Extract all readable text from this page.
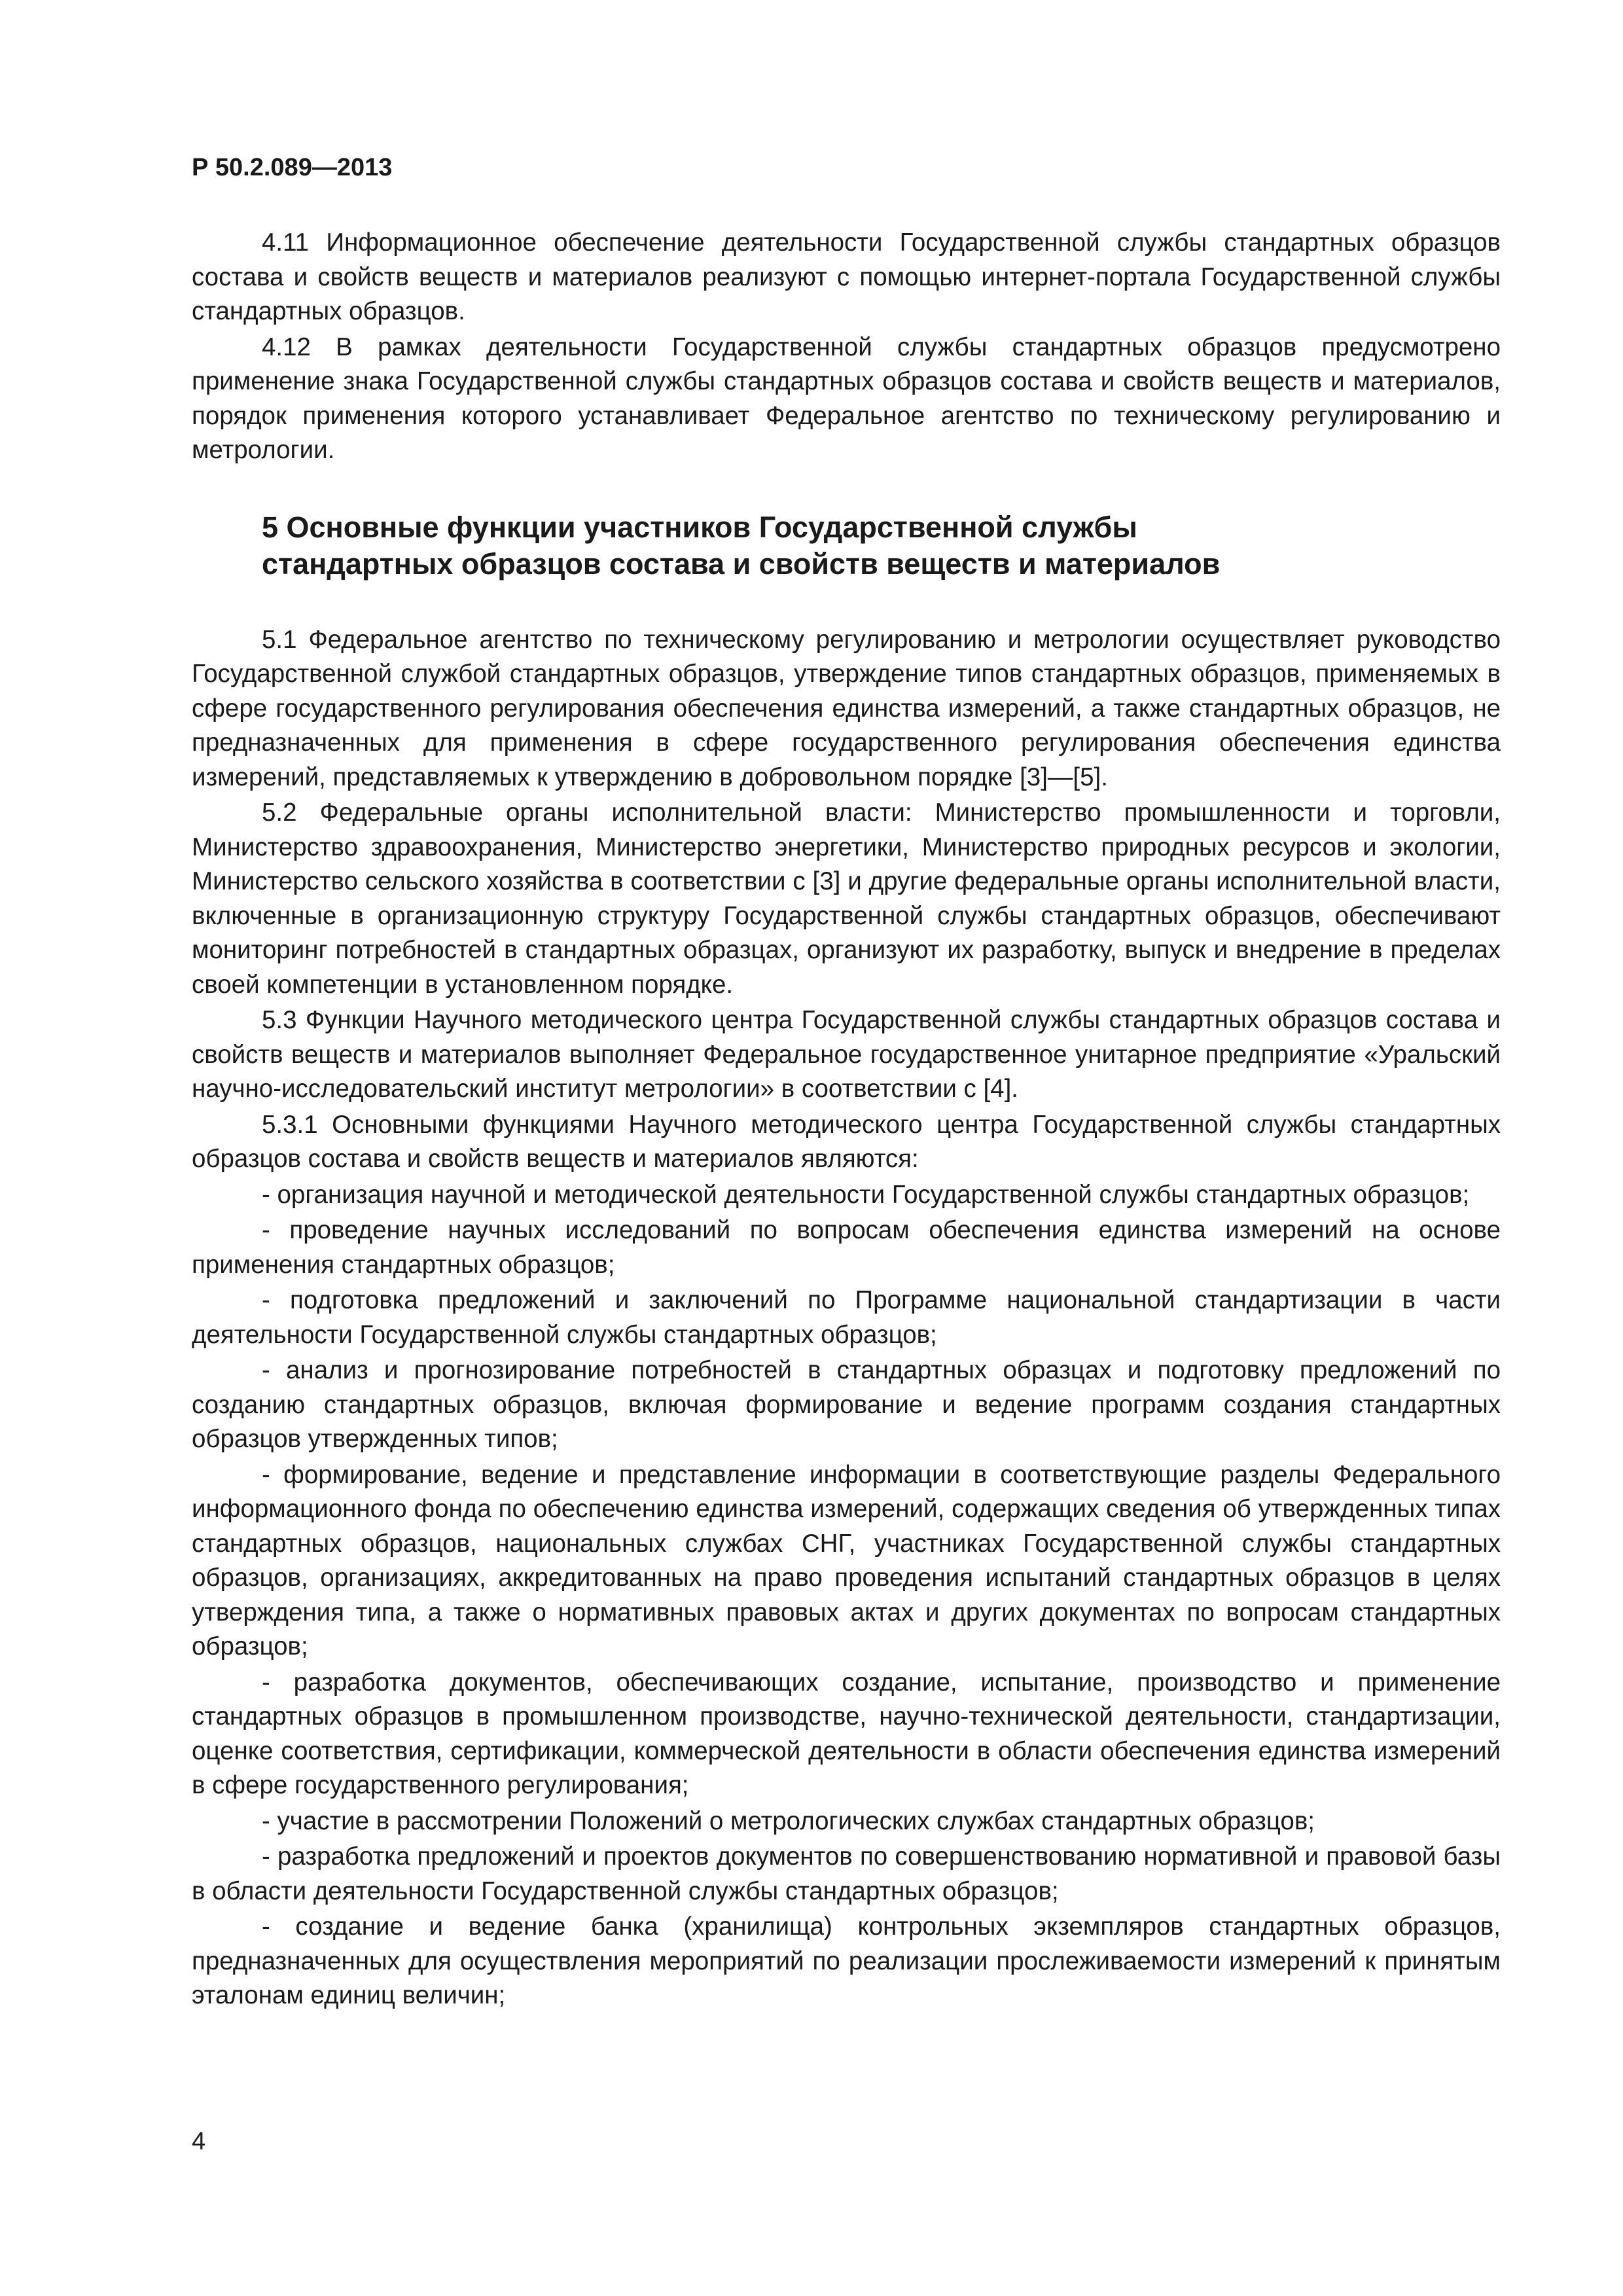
Р 50.2.089—2013

4.11 Информационное обеспечение деятельности Государственной службы стандартных образцов состава и свойств веществ и материалов реализуют с помощью интернет-портала Государственной службы стандартных образцов.

4.12 В рамках деятельности Государственной службы стандартных образцов предусмотрено применение знака Государственной службы стандартных образцов состава и свойств веществ и материалов, порядок применения которого устанавливает Федеральное агентство по техническому регулированию и метрологии.

5 Основные функции участников Государственной службы
стандартных образцов состава и свойств веществ и материалов

5.1 Федеральное агентство по техническому регулированию и метрологии осуществляет руководство Государственной службой стандартных образцов, утверждение типов стандартных образцов, применяемых в сфере государственного регулирования обеспечения единства измерений, а также стандартных образцов, не предназначенных для применения в сфере государственного регулирования обеспечения единства измерений, представляемых к утверждению в добровольном порядке [3]—[5].

5.2 Федеральные органы исполнительной власти: Министерство промышленности и торговли, Министерство здравоохранения, Министерство энергетики, Министерство природных ресурсов и экологии, Министерство сельского хозяйства в соответствии с [3] и другие федеральные органы исполнительной власти, включенные в организационную структуру Государственной службы стандартных образцов, обеспечивают мониторинг потребностей в стандартных образцах, организуют их разработку, выпуск и внедрение в пределах своей компетенции в установленном порядке.

5.3 Функции Научного методического центра Государственной службы стандартных образцов состава и свойств веществ и материалов выполняет Федеральное государственное унитарное предприятие «Уральский научно-исследовательский институт метрологии» в соответствии с [4].

5.3.1 Основными функциями Научного методического центра Государственной службы стандартных образцов состава и свойств веществ и материалов являются:

- организация научной и методической деятельности Государственной службы стандартных образцов;

- проведение научных исследований по вопросам обеспечения единства измерений на основе применения стандартных образцов;

- подготовка предложений и заключений по Программе национальной стандартизации в части деятельности Государственной службы стандартных образцов;

- анализ и прогнозирование потребностей в стандартных образцах и подготовку предложений по созданию стандартных образцов, включая формирование и ведение программ создания стандартных образцов утвержденных типов;

- формирование, ведение и представление информации в соответствующие разделы Федерального информационного фонда по обеспечению единства измерений, содержащих сведения об утвержденных типах стандартных образцов, национальных службах СНГ, участниках Государственной службы стандартных образцов, организациях, аккредитованных на право проведения испытаний стандартных образцов в целях утверждения типа, а также о нормативных правовых актах и других документах по вопросам стандартных образцов;

- разработка документов, обеспечивающих создание, испытание, производство и применение стандартных образцов в промышленном производстве, научно-технической деятельности, стандартизации, оценке соответствия, сертификации, коммерческой деятельности в области обеспечения единства измерений в сфере государственного регулирования;

- участие в рассмотрении Положений о метрологических службах стандартных образцов;

- разработка предложений и проектов документов по совершенствованию нормативной и правовой базы в области деятельности Государственной службы стандартных образцов;

- создание и ведение банка (хранилища) контрольных экземпляров стандартных образцов, предназначенных для осуществления мероприятий по реализации прослеживаемости измерений к принятым эталонам единиц величин;

4
